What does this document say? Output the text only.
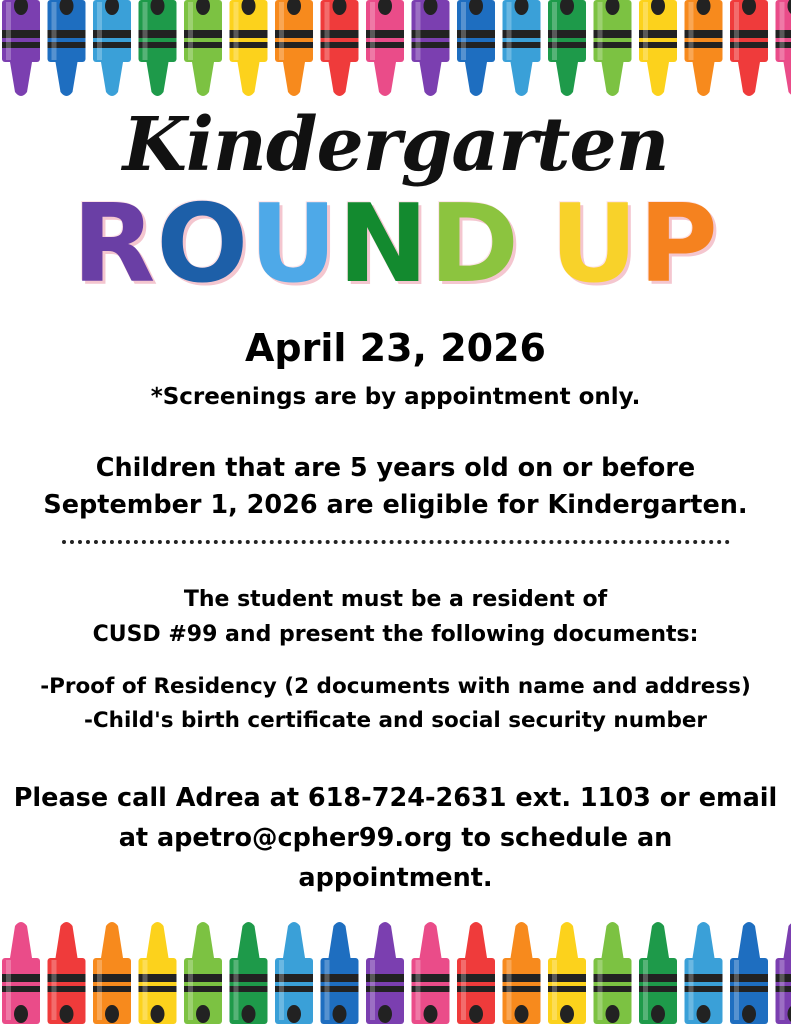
Kindergarten
ROUND UP
April 23, 2026
*Screenings are by appointment only.
Children that are 5 years old on or before
September 1, 2026 are eligible for Kindergarten.
The student must be a resident of
CUSD #99 and present the following documents:
-Proof of Residency (2 documents with name and address)
-Child's birth certificate and social security number
Please call Adrea at 618-724-2631 ext. 1103 or email
at apetro@cpher99.org to schedule an
appointment.
